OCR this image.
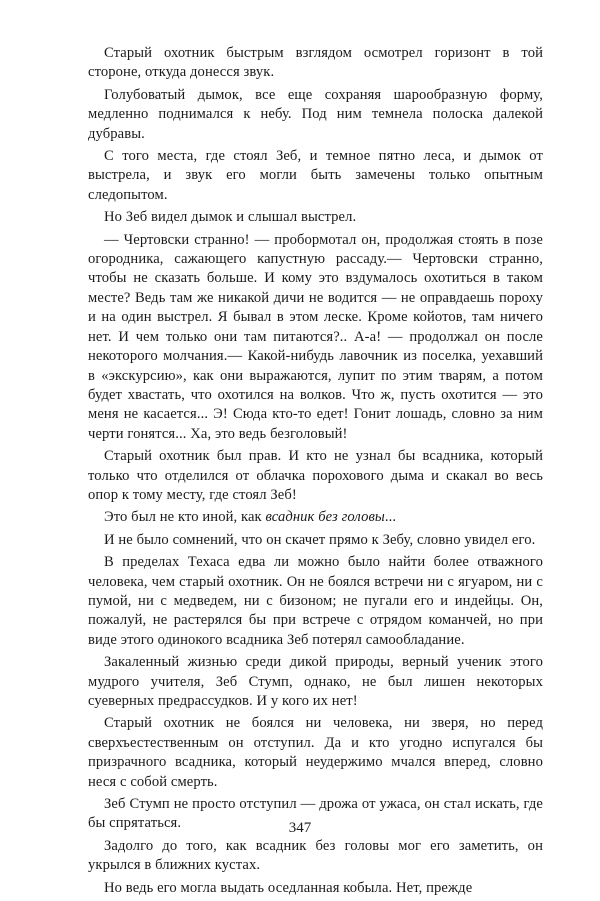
Старый охотник быстрым взглядом осмотрел горизонт в той стороне, откуда донесся звук.

Голубоватый дымок, все еще сохраняя шарообразную форму, медленно поднимался к небу. Под ним темнела полоска далекой дубравы.

С того места, где стоял Зеб, и темное пятно леса, и дымок от выстрела, и звук его могли быть замечены только опытным следопытом.

Но Зеб видел дымок и слышал выстрел.

— Чертовски странно! — пробормотал он, продолжая стоять в позе огородника, сажающего капустную рассаду.— Чертовски странно, чтобы не сказать больше. И кому это вздумалось охотиться в таком месте? Ведь там же никакой дичи не водится — не оправдаешь пороху и на один выстрел. Я бывал в этом леске. Кроме койотов, там ничего нет. И чем только они там питаются?.. А-а! — продолжал он после некоторого молчания.— Какой-нибудь лавочник из поселка, уехавший в «экскурсию», как они выражаются, лупит по этим тварям, а потом будет хвастать, что охотился на волков. Что ж, пусть охотится — это меня не касается... Э! Сюда кто-то едет! Гонит лошадь, словно за ним черти гонятся... Ха, это ведь безголовый!

Старый охотник был прав. И кто не узнал бы всадника, который только что отделился от облачка порохового дыма и скакал во весь опор к тому месту, где стоял Зеб!

Это был не кто иной, как всадник без головы...

И не было сомнений, что он скачет прямо к Зебу, словно увидел его.

В пределах Техаса едва ли можно было найти более отважного человека, чем старый охотник. Он не боялся встречи ни с ягуаром, ни с пумой, ни с медведем, ни с бизоном; не пугали его и индейцы. Он, пожалуй, не растерялся бы при встрече с отрядом команчей, но при виде этого одинокого всадника Зеб потерял самообладание.

Закаленный жизнью среди дикой природы, верный ученик этого мудрого учителя, Зеб Стумп, однако, не был лишен некоторых суеверных предрассудков. И у кого их нет!

Старый охотник не боялся ни человека, ни зверя, но перед сверхъестественным он отступил. Да и кто угодно испугался бы призрачного всадника, который неудержимо мчался вперед, словно неся с собой смерть.

Зеб Стумп не просто отступил — дрожа от ужаса, он стал искать, где бы спрятаться.

Задолго до того, как всадник без головы мог его заметить, он укрылся в ближних кустах.

Но ведь его могла выдать оседланная кобыла. Нет, прежде

347
